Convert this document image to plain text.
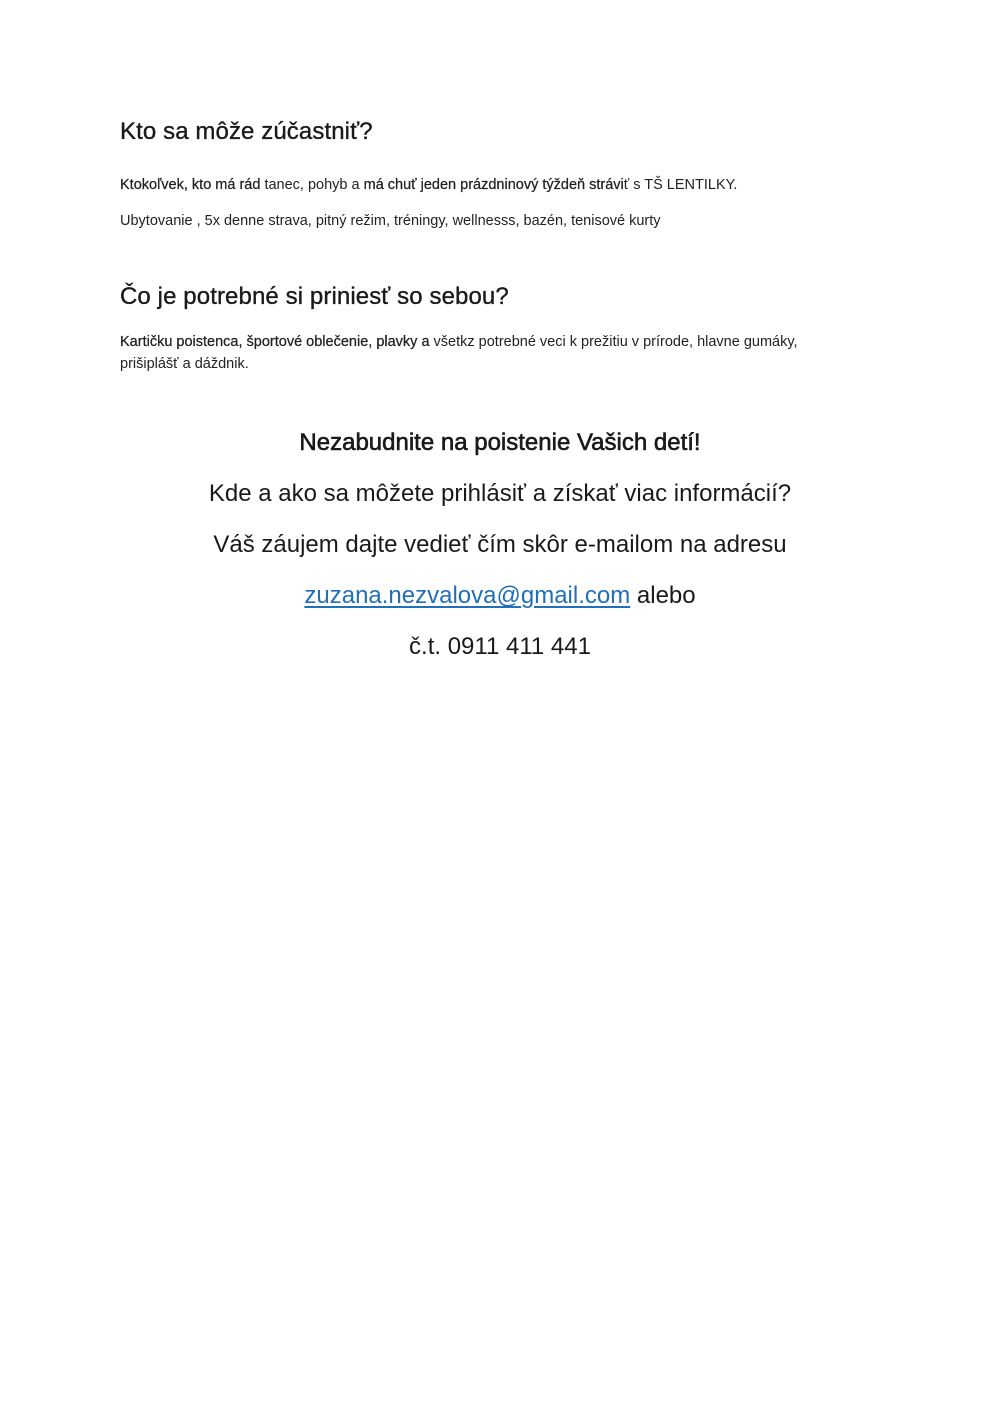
Kto sa môže zúčastniť?

Ktokoľvek, kto má rád tanec, pohyb a má chuť jeden prázdninový týždeň stráviť s TŠ LENTILKY.

Ubytovanie , 5x denne strava, pitný režim, tréningy, wellnesss, bazén, tenisové kurty

Čo je potrebné si priniesť so sebou?

Kartičku poistenca, športové oblečenie, plavky a všetkz potrebné veci k prežitiu v prírode, hlavne gumáky,
prišiplášť a dáždnik.

Nezabudnite na poistenie Vašich detí!

Kde a ako sa môžete prihlásiť a získať viac informácií?

Váš záujem dajte vedieť čím skôr e-mailom na adresu

zuzana.nezvalova@gmail.com alebo

č.t. 0911 411 441
